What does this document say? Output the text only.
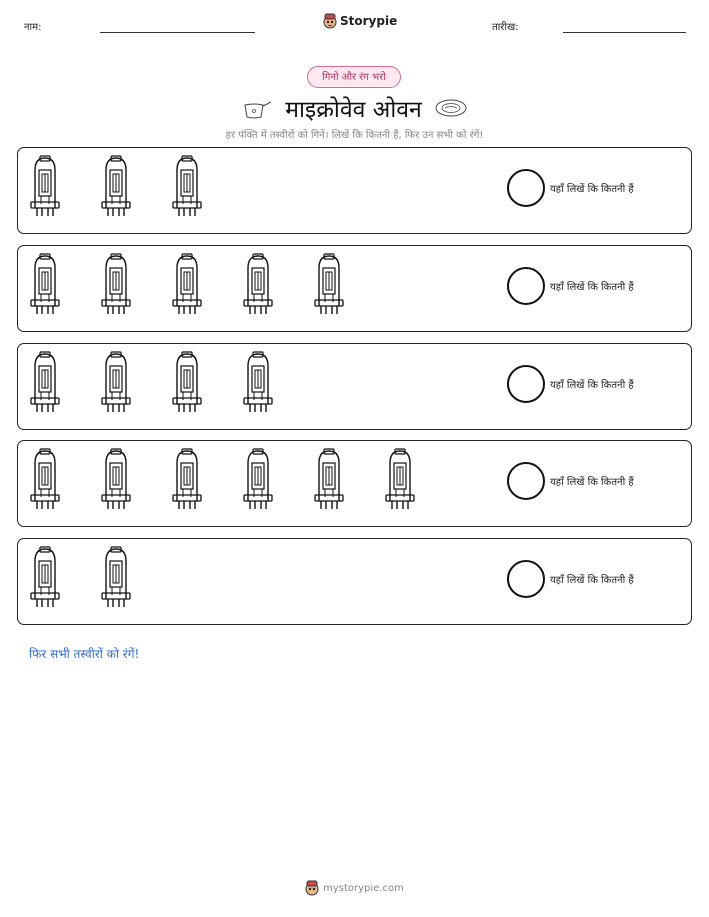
नाम:	Storypie	तारीख:
गिनो और रंग भरो
माइक्रोवेव ओवन
हर पंक्ति में तस्वीरों को गिनें। लिखें कि कितनी हैं, फिर उन सभी को रंगें!
यहाँ लिखें कि कितनी हैं
यहाँ लिखें कि कितनी हैं
यहाँ लिखें कि कितनी हैं
यहाँ लिखें कि कितनी हैं
यहाँ लिखें कि कितनी हैं
फिर सभी तस्वीरों को रंगें!
mystorypie.com
